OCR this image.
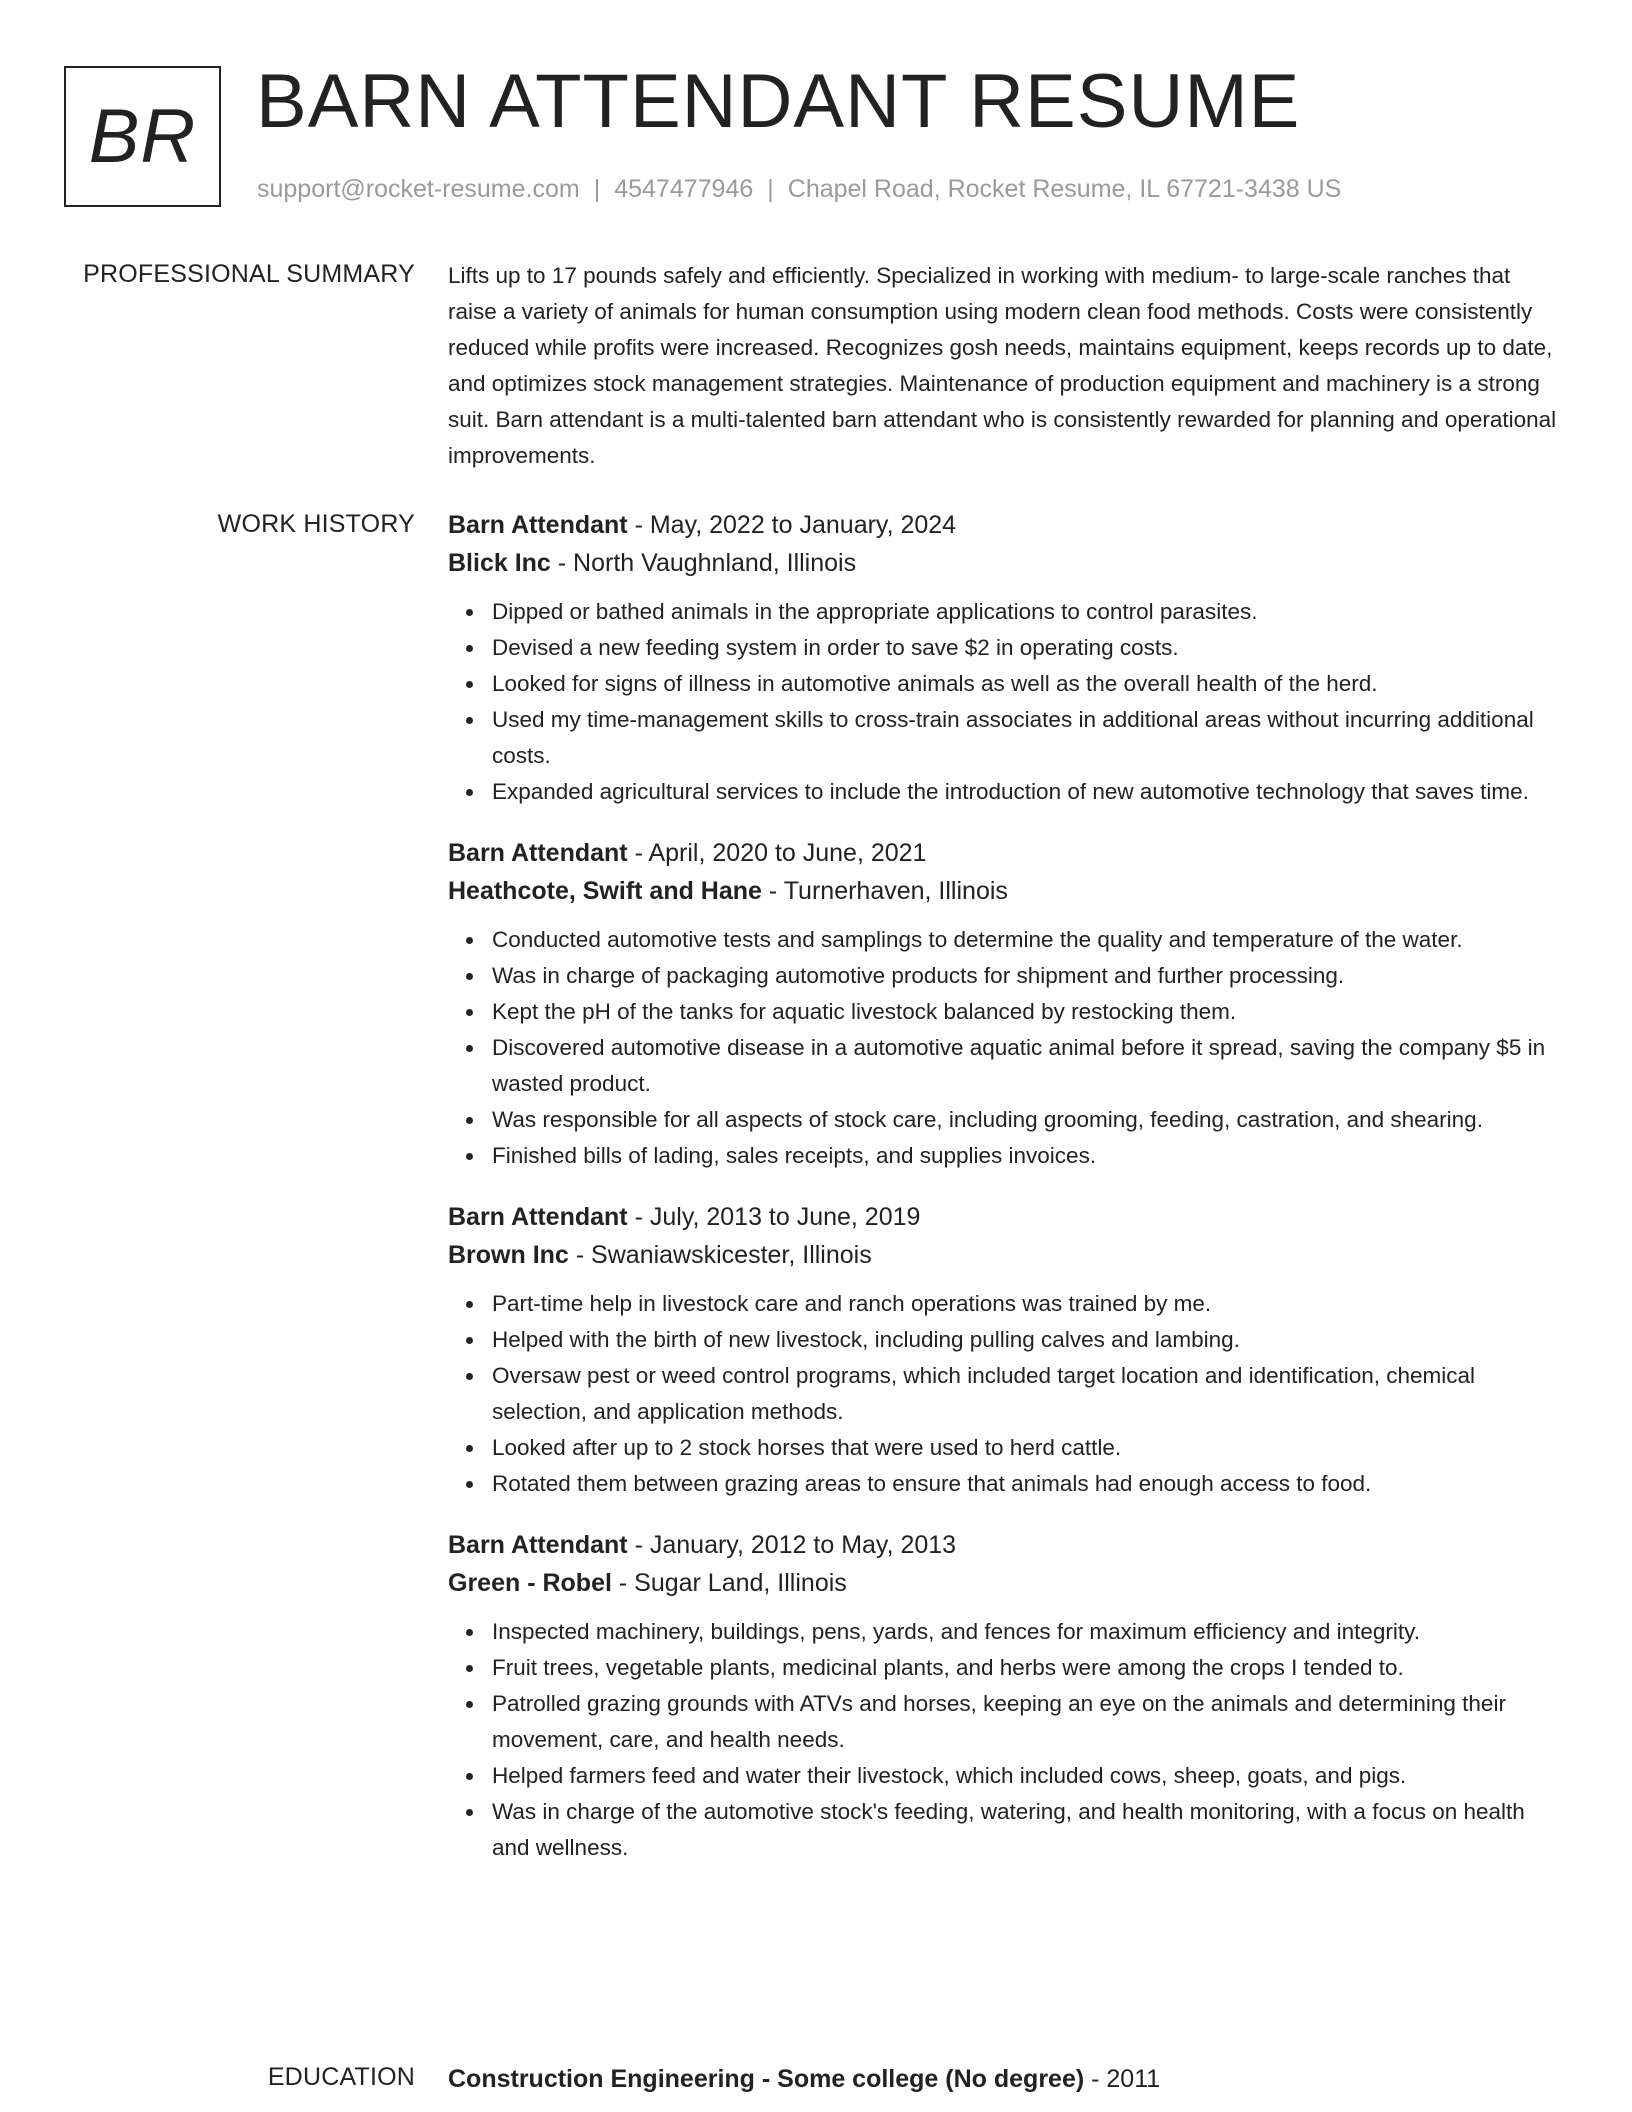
BR BARN ATTENDANT RESUME
support@rocket-resume.com | 4547477946 | Chapel Road, Rocket Resume, IL 67721-3438 US
PROFESSIONAL SUMMARY Lifts up to 17 pounds safely and efficiently. Specialized in working with medium- to large-scale ranches that raise a variety of animals for human consumption using modern clean food methods. Costs were consistently reduced while profits were increased. Recognizes gosh needs, maintains equipment, keeps records up to date, and optimizes stock management strategies. Maintenance of production equipment and machinery is a strong suit. Barn attendant is a multi-talented barn attendant who is consistently rewarded for planning and operational improvements.

WORK HISTORY Barn Attendant - May, 2022 to January, 2024
Blick Inc - North Vaughnland, Illinois
Dipped or bathed animals in the appropriate applications to control parasites.
Devised a new feeding system in order to save $2 in operating costs.
Looked for signs of illness in automotive animals as well as the overall health of the herd.
Used my time-management skills to cross-train associates in additional areas without incurring additional costs.
Expanded agricultural services to include the introduction of new automotive technology that saves time.
Barn Attendant - April, 2020 to June, 2021
Heathcote, Swift and Hane - Turnerhaven, Illinois
Conducted automotive tests and samplings to determine the quality and temperature of the water.
Was in charge of packaging automotive products for shipment and further processing.
Kept the pH of the tanks for aquatic livestock balanced by restocking them.
Discovered automotive disease in a automotive aquatic animal before it spread, saving the company $5 in wasted product.
Was responsible for all aspects of stock care, including grooming, feeding, castration, and shearing.
Finished bills of lading, sales receipts, and supplies invoices.
Barn Attendant - July, 2013 to June, 2019
Brown Inc - Swaniawskicester, Illinois
Part-time help in livestock care and ranch operations was trained by me.
Helped with the birth of new livestock, including pulling calves and lambing.
Oversaw pest or weed control programs, which included target location and identification, chemical selection, and application methods.
Looked after up to 2 stock horses that were used to herd cattle.
Rotated them between grazing areas to ensure that animals had enough access to food.
Barn Attendant - January, 2012 to May, 2013
Green - Robel - Sugar Land, Illinois
Inspected machinery, buildings, pens, yards, and fences for maximum efficiency and integrity.
Fruit trees, vegetable plants, medicinal plants, and herbs were among the crops I tended to.
Patrolled grazing grounds with ATVs and horses, keeping an eye on the animals and determining their movement, care, and health needs.
Helped farmers feed and water their livestock, which included cows, sheep, goats, and pigs.
Was in charge of the automotive stock's feeding, watering, and health monitoring, with a focus on health and wellness.
EDUCATION Construction Engineering - Some college (No degree) - 2011
